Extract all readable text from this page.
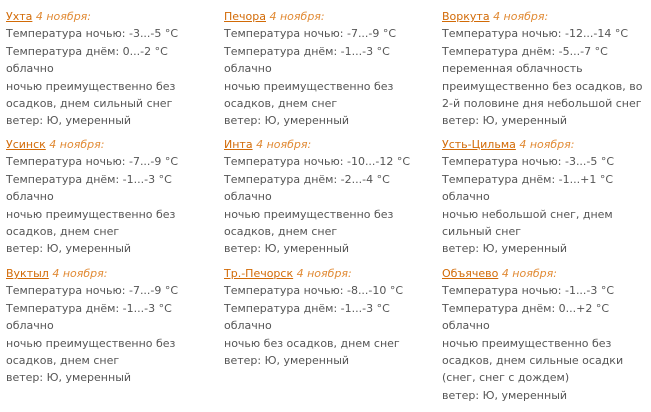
Ухта 4 ноября:
Температура ночью: -3...-5 °C
Температура днём: 0...-2 °C
облачно
ночью преимущественно без осадков, днем сильный снег
ветер: Ю, умеренный
Печора 4 ноября:
Температура ночью: -7...-9 °C
Температура днём: -1...-3 °C
облачно
ночью преимущественно без осадков, днем снег
ветер: Ю, умеренный
Воркута 4 ноября:
Температура ночью: -12...-14 °C
Температура днём: -5...-7 °C
переменная облачность
преимущественно без осадков, во 2-й половине дня небольшой снег
ветер: Ю, умеренный
Усинск 4 ноября:
Температура ночью: -7...-9 °C
Температура днём: -1...-3 °C
облачно
ночью преимущественно без осадков, днем снег
ветер: Ю, умеренный
Инта 4 ноября:
Температура ночью: -10...-12 °C
Температура днём: -2...-4 °C
облачно
ночью преимущественно без осадков, днем снег
ветер: Ю, умеренный
Усть-Цильма 4 ноября:
Температура ночью: -3...-5 °C
Температура днём: -1...+1 °C
облачно
ночью небольшой снег, днем сильный снег
ветер: Ю, умеренный
Вуктыл 4 ноября:
Температура ночью: -7...-9 °C
Температура днём: -1...-3 °C
облачно
ночью преимущественно без осадков, днем снег
ветер: Ю, умеренный
Тр.-Печорск 4 ноября:
Температура ночью: -8...-10 °C
Температура днём: -1...-3 °C
облачно
ночью без осадков, днем снег
ветер: Ю, умеренный
Объячево 4 ноября:
Температура ночью: -1...-3 °C
Температура днём: 0...+2 °C
облачно
ночью преимущественно без осадков, днем сильные осадки (снег, снег с дождем)
ветер: Ю, умеренный
